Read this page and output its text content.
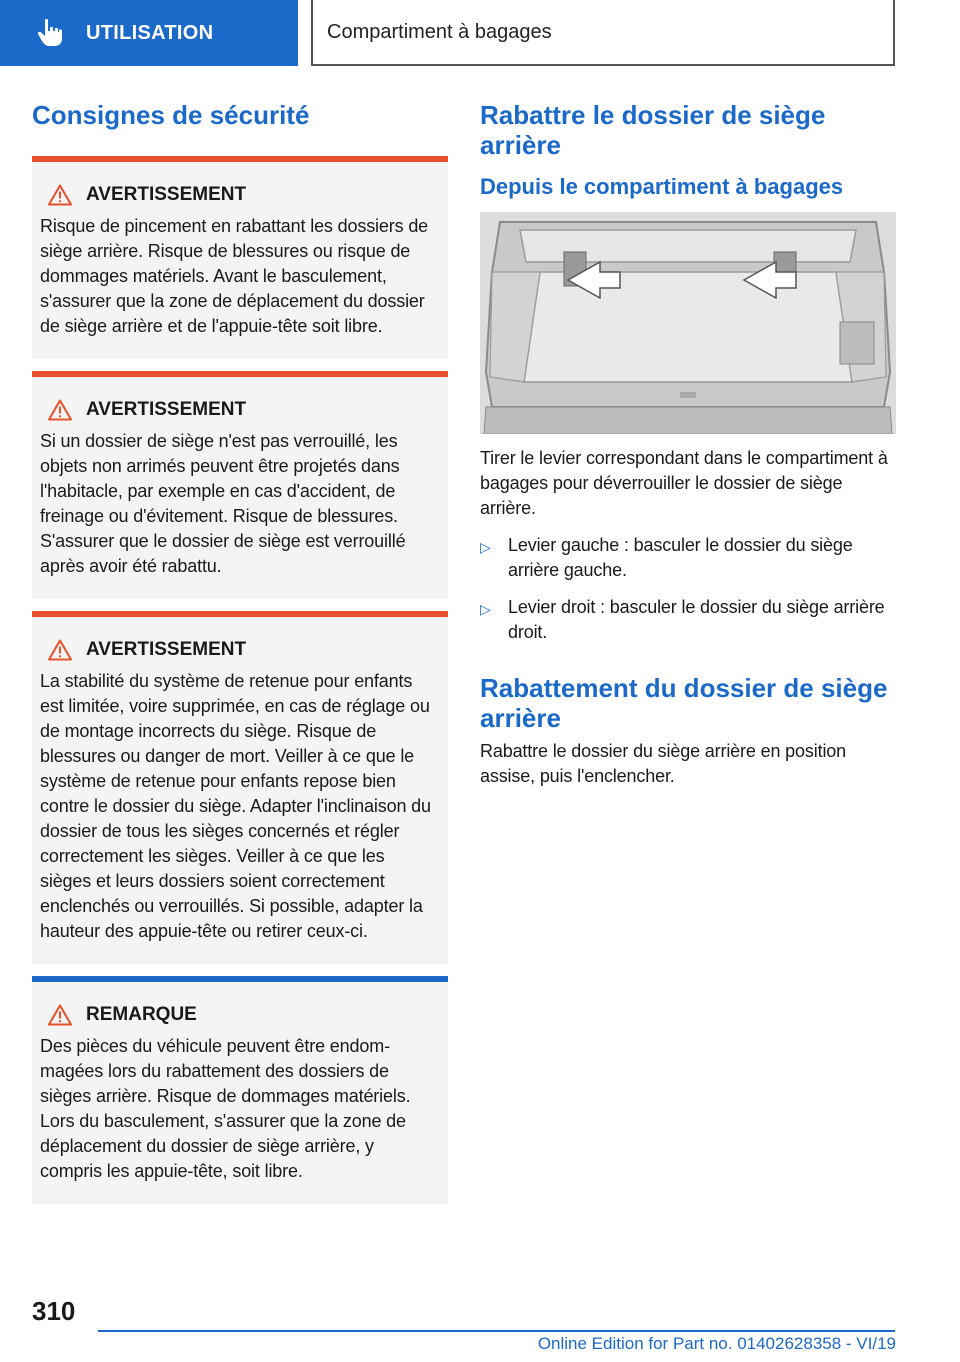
UTILISATION	Compartiment à bagages
Consignes de sécurité
AVERTISSEMENT

Risque de pincement en rabattant les dossiers de siège arrière. Risque de blessures ou risque de dommages matériels. Avant le basculement, s'assurer que la zone de déplacement du dossier de siège arrière et de l'appuie-tête soit libre.

AVERTISSEMENT

Si un dossier de siège n'est pas verrouillé, les objets non arrimés peuvent être projetés dans l'habitacle, par exemple en cas d'accident, de freinage ou d'évitement. Risque de blessures. S'assurer que le dossier de siège est verrouillé après avoir été rabattu.

AVERTISSEMENT

La stabilité du système de retenue pour enfants est limitée, voire supprimée, en cas de réglage ou de montage incorrects du siège. Risque de blessures ou danger de mort. Veiller à ce que le système de retenue pour enfants repose bien contre le dossier du siège. Adapter l'inclinaison du dossier de tous les sièges concernés et régler correctement les sièges. Veiller à ce que les sièges et leurs dossiers soient correctement enclenchés ou verrouillés. Si possible, adapter la hauteur des appuie-tête ou retirer ceux-ci.

REMARQUE

Des pièces du véhicule peuvent être endommagées lors du rabattement des dossiers de sièges arrière. Risque de dommages matériels. Lors du basculement, s'assurer que la zone de déplacement du dossier de siège arrière, y compris les appuie-tête, soit libre.

Rabattre le dossier de siège arrière
Depuis le compartiment à bagages

Tirer le levier correspondant dans le compartiment à bagages pour déverrouiller le dossier de siège arrière.

▷ Levier gauche : basculer le dossier du siège arrière gauche.
▷ Levier droit : basculer le dossier du siège arrière droit.
Rabattement du dossier de siège arrière

Rabattre le dossier du siège arrière en position assise, puis l'enclencher.

310
Online Edition for Part no. 01402628358 - VI/19
